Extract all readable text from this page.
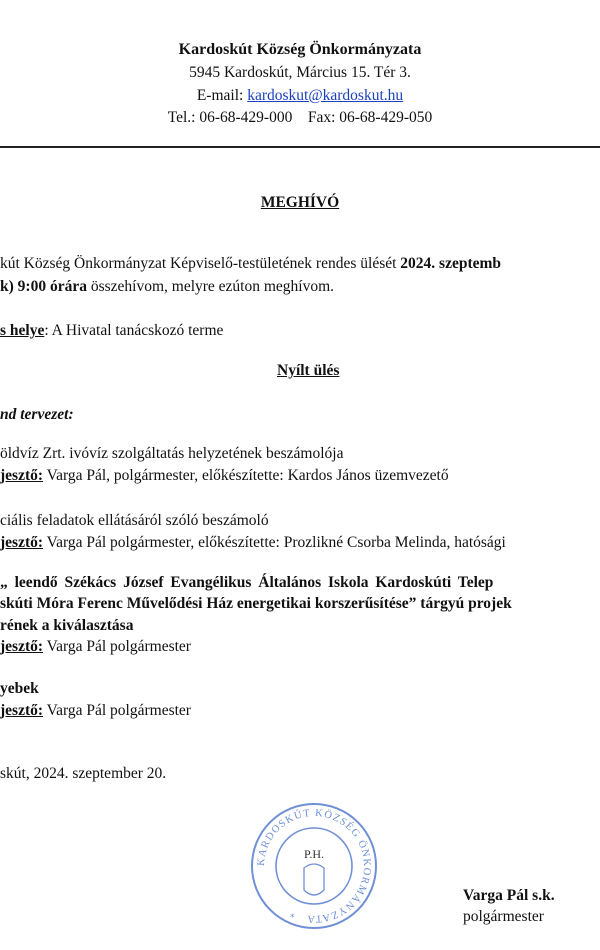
Kardoskút Község Önkormányzata
5945 Kardoskút, Március 15. Tér 3.
E-mail: kardoskut@kardoskut.hu
Tel.: 06-68-429-000 Fax: 06-68-429-050
MEGHÍVÓ
kút Község Önkormányzat Képviselő-testületének rendes ülését 2024. szeptemb
k) 9:00 órára összehívom, melyre ezúton meghívom.
s helye: A Hivatal tanácskozó terme
Nyílt ülés
nd tervezet:
öldvíz Zrt. ivóvíz szolgáltatás helyzetének beszámolója
jesztő: Varga Pál, polgármester, előkészítette: Kardos János üzemvezető
ciális feladatok ellátásáról szóló beszámoló
jesztő: Varga Pál polgármester, előkészítette: Prozlikné Csorba Melinda, hatósági
„ leendő Székács József Evangélikus Általános Iskola Kardoskúti Telep
skúti Móra Ferenc Művelődési Ház energetikai korszerűsítése” tárgyú projek
rének a kiválasztása
jesztő: Varga Pál polgármester
yebek
jesztő: Varga Pál polgármester
skút, 2024. szeptember 20.
KARDOSKÚT KÖZSÉG ÖNKORMÁNYZATA
P.H.
*
Varga Pál s.k.
polgármester
